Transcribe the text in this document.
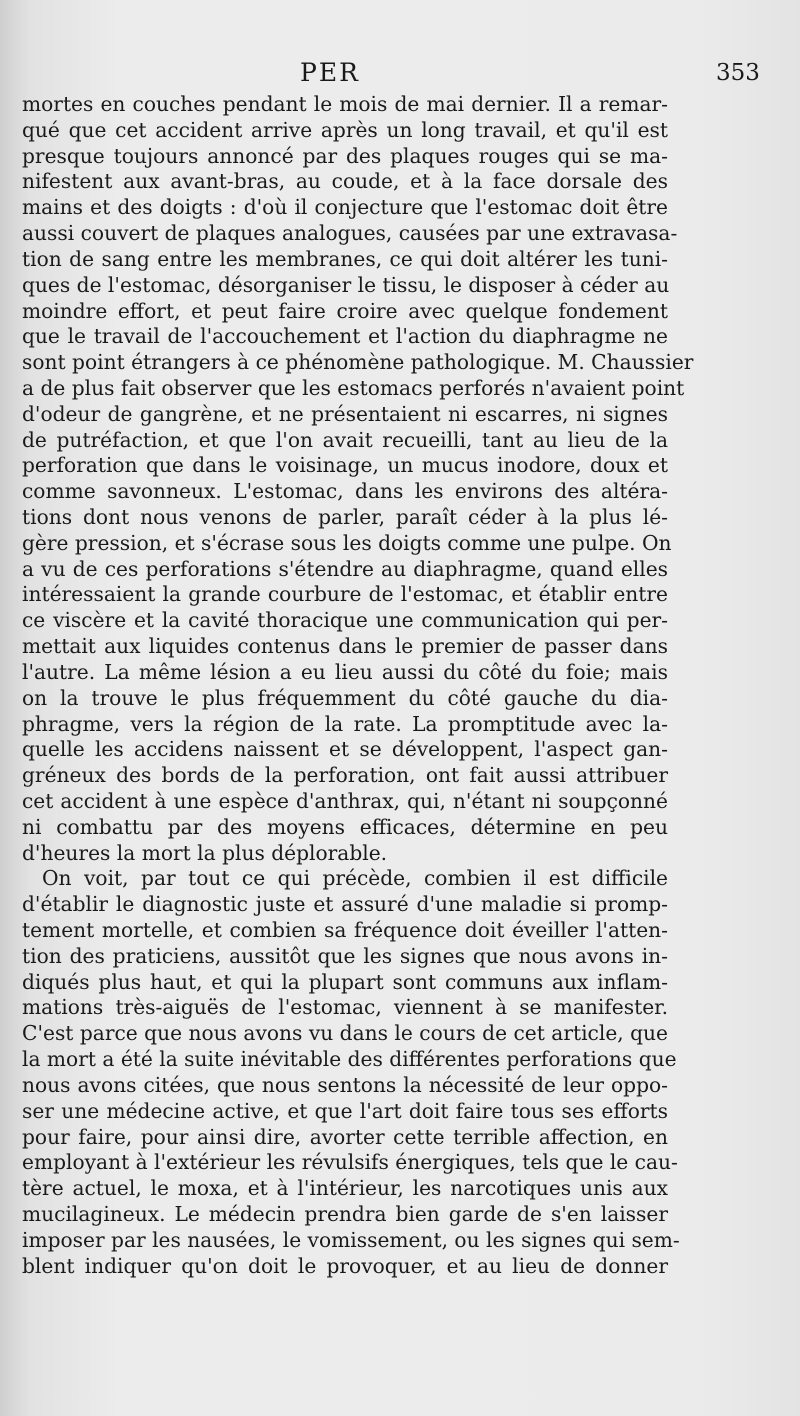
PER	353
mortes en couches pendant le mois de mai dernier. Il a remar-
qué que cet accident arrive après un long travail, et qu'il est
presque toujours annoncé par des plaques rouges qui se ma-
nifestent aux avant-bras, au coude, et à la face dorsale des
mains et des doigts : d'où il conjecture que l'estomac doit être
aussi couvert de plaques analogues, causées par une extravasa-
tion de sang entre les membranes, ce qui doit altérer les tuni-
ques de l'estomac, désorganiser le tissu, le disposer à céder au
moindre effort, et peut faire croire avec quelque fondement
que le travail de l'accouchement et l'action du diaphragme ne
sont point étrangers à ce phénomène pathologique. M. Chaussier
a de plus fait observer que les estomacs perforés n'avaient point
d'odeur de gangrène, et ne présentaient ni escarres, ni signes
de putréfaction, et que l'on avait recueilli, tant au lieu de la
perforation que dans le voisinage, un mucus inodore, doux et
comme savonneux. L'estomac, dans les environs des altéra-
tions dont nous venons de parler, paraît céder à la plus lé-
gère pression, et s'écrase sous les doigts comme une pulpe. On
a vu de ces perforations s'étendre au diaphragme, quand elles
intéressaient la grande courbure de l'estomac, et établir entre
ce viscère et la cavité thoracique une communication qui per-
mettait aux liquides contenus dans le premier de passer dans
l'autre. La même lésion a eu lieu aussi du côté du foie; mais
on la trouve le plus fréquemment du côté gauche du dia-
phragme, vers la région de la rate. La promptitude avec la-
quelle les accidens naissent et se développent, l'aspect gan-
gréneux des bords de la perforation, ont fait aussi attribuer
cet accident à une espèce d'anthrax, qui, n'étant ni soupçonné
ni combattu par des moyens efficaces, détermine en peu
d'heures la mort la plus déplorable.
On voit, par tout ce qui précède, combien il est difficile
d'établir le diagnostic juste et assuré d'une maladie si promp-
tement mortelle, et combien sa fréquence doit éveiller l'atten-
tion des praticiens, aussitôt que les signes que nous avons in-
diqués plus haut, et qui la plupart sont communs aux inflam-
mations très-aiguës de l'estomac, viennent à se manifester.
C'est parce que nous avons vu dans le cours de cet article, que
la mort a été la suite inévitable des différentes perforations que
nous avons citées, que nous sentons la nécessité de leur oppo-
ser une médecine active, et que l'art doit faire tous ses efforts
pour faire, pour ainsi dire, avorter cette terrible affection, en
employant à l'extérieur les révulsifs énergiques, tels que le cau-
tère actuel, le moxa, et à l'intérieur, les narcotiques unis aux
mucilagineux. Le médecin prendra bien garde de s'en laisser
imposer par les nausées, le vomissement, ou les signes qui sem-
blent indiquer qu'on doit le provoquer, et au lieu de donner
